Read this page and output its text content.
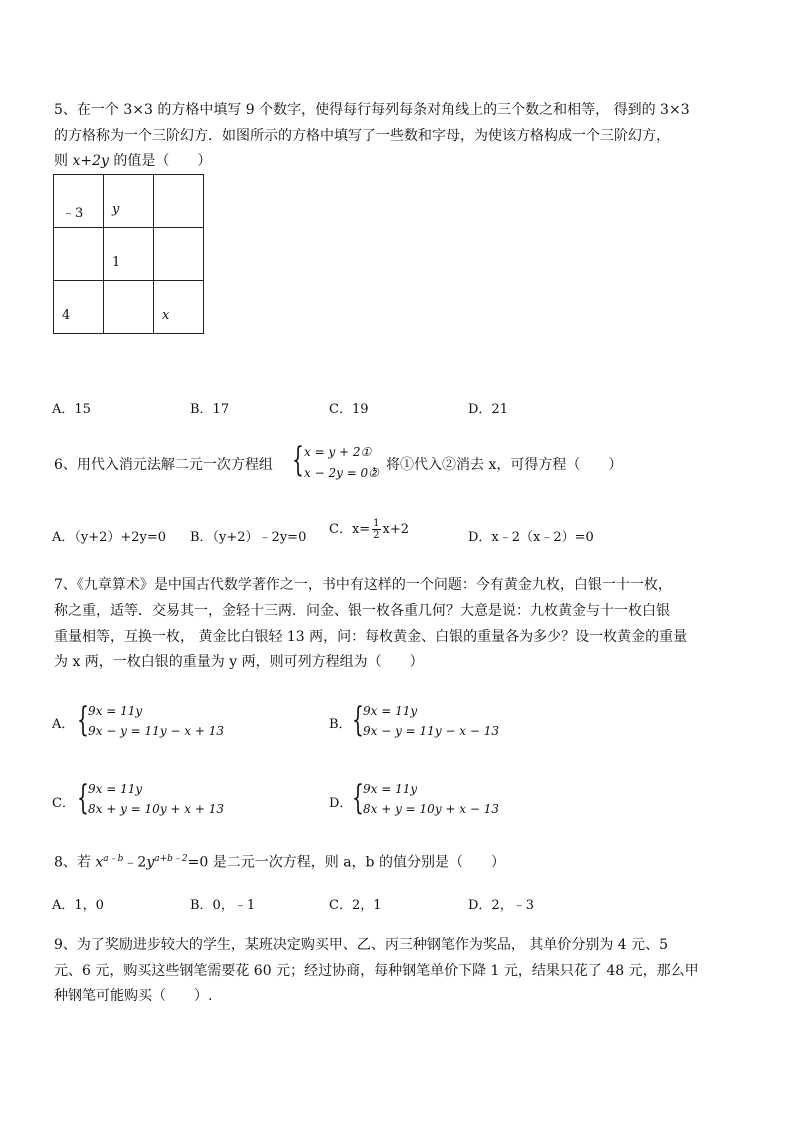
5、在一个 3×3 的方格中填写 9 个数字，使得每行每列每条对角线上的三个数之和相等， 得到的 3×3
的方格称为一个三阶幻方．如图所示的方格中填写了一些数和字母，为使该方格构成一个三阶幻方，
则 x+2y 的值是（　　）
﹣3	y	

	1	

4		x
A．15	B．17	C．19	D．21
6、用代入消元法解二元一次方程组 { x = y + 2①
x − 2y = 0②
，将①代入②消去 x，可得方程（　　）
A．（y+2）+2y=0 B．（y+2）﹣2y=0
C．$x= \frac{1}{2} x+2$
D．x﹣2（x﹣2）=0
7、《九章算术》是中国古代数学著作之一，书中有这样的一个问题：今有黄金九枚，白银一十一枚，
称之重，适等．交易其一，金轻十三两．问金、银一枚各重几何？大意是说：九枚黄金与十一枚白银
重量相等，互换一枚， 黄金比白银轻 13 两，问：每枚黄金、白银的重量各为多少？设一枚黄金的重量
为 x 两，一枚白银的重量为 y 两，则可列方程组为（　　）
A． { 9x = 11y
9x − y = 11y − x + 13	B． { 9x = 11y
9x − y = 11y − x − 13
C． { 9x = 11y
8x + y = 10y + x + 13	D． { 9x = 11y
8x + y = 10y + x − 13
8、若 $x^{a﹣b}﹣2y^{a+b﹣2}=0$ 是二元一次方程，则 a，b 的值分别是（　　）
A．1，0	B．0，﹣1	C．2，1	D．2，﹣3
9、为了奖励进步较大的学生，某班决定购买甲、乙、丙三种钢笔作为奖品， 其单价分别为 4 元、5
元、6 元，购买这些钢笔需要花 60 元；经过协商，每种钢笔单价下降 1 元，结果只花了 48 元，那么甲
种钢笔可能购买（　　）.
